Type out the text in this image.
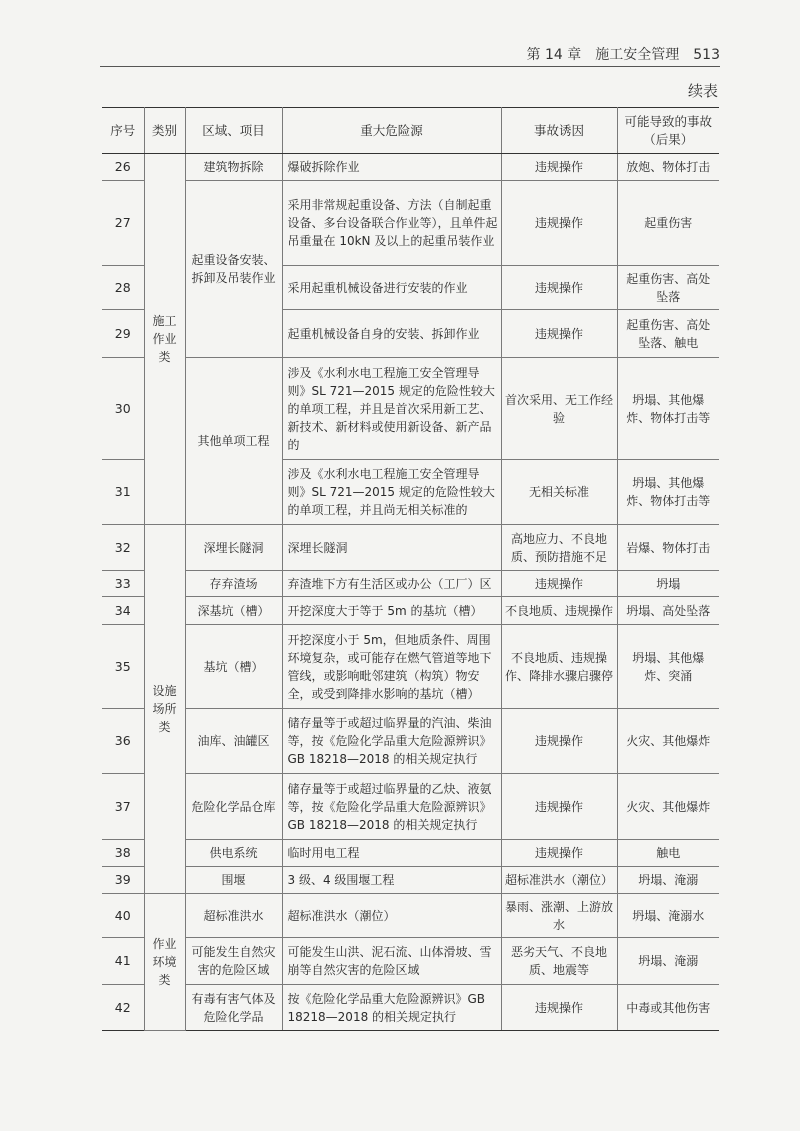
第 14 章　施工安全管理 513
续表
序号	类别	区域、项目	重大危险源	事故诱因	可能导致的事故（后果）
26	施工作业类	建筑物拆除	爆破拆除作业	违规操作	放炮、物体打击
27		起重设备安装、拆卸及吊装作业	采用非常规起重设备、方法（自制起重设备、多台设备联合作业等），且单件起吊重量在 10kN 及以上的起重吊装作业	违规操作	起重伤害
28			采用起重机械设备进行安装的作业	违规操作	起重伤害、高处坠落
29			起重机械设备自身的安装、拆卸作业	违规操作	起重伤害、高处坠落、触电
30		其他单项工程	涉及《水利水电工程施工安全管理导则》SL 721—2015 规定的危险性较大的单项工程，并且是首次采用新工艺、新技术、新材料或使用新设备、新产品的	首次采用、无工作经验	坍塌、其他爆炸、物体打击等
31			涉及《水利水电工程施工安全管理导则》SL 721—2015 规定的危险性较大的单项工程，并且尚无相关标准的	无相关标准	坍塌、其他爆炸、物体打击等
32	设施场所类	深埋长隧洞	深埋长隧洞	高地应力、不良地质、预防措施不足	岩爆、物体打击
33		存弃渣场	弃渣堆下方有生活区或办公（工厂）区	违规操作	坍塌
34		深基坑（槽）	开挖深度大于等于 5m 的基坑（槽）	不良地质、违规操作	坍塌、高处坠落
35		基坑（槽）	开挖深度小于 5m，但地质条件、周围环境复杂，或可能存在燃气管道等地下管线，或影响毗邻建筑（构筑）物安全，或受到降排水影响的基坑（槽）	不良地质、违规操作、降排水骤启骤停	坍塌、其他爆炸、突涌
36		油库、油罐区	储存量等于或超过临界量的汽油、柴油等，按《危险化学品重大危险源辨识》GB 18218—2018 的相关规定执行	违规操作	火灾、其他爆炸
37		危险化学品仓库	储存量等于或超过临界量的乙炔、液氨等，按《危险化学品重大危险源辨识》GB 18218—2018 的相关规定执行	违规操作	火灾、其他爆炸
38		供电系统	临时用电工程	违规操作	触电
39		围堰	3 级、4 级围堰工程	超标准洪水（潮位）	坍塌、淹溺
40	作业环境类	超标准洪水	超标准洪水（潮位）	暴雨、涨潮、上游放水	坍塌、淹溺水
41		可能发生自然灾害的危险区域	可能发生山洪、泥石流、山体滑坡、雪崩等自然灾害的危险区域	恶劣天气、不良地质、地震等	坍塌、淹溺
42		有毒有害气体及危险化学品	按《危险化学品重大危险源辨识》GB 18218—2018 的相关规定执行	违规操作	中毒或其他伤害
